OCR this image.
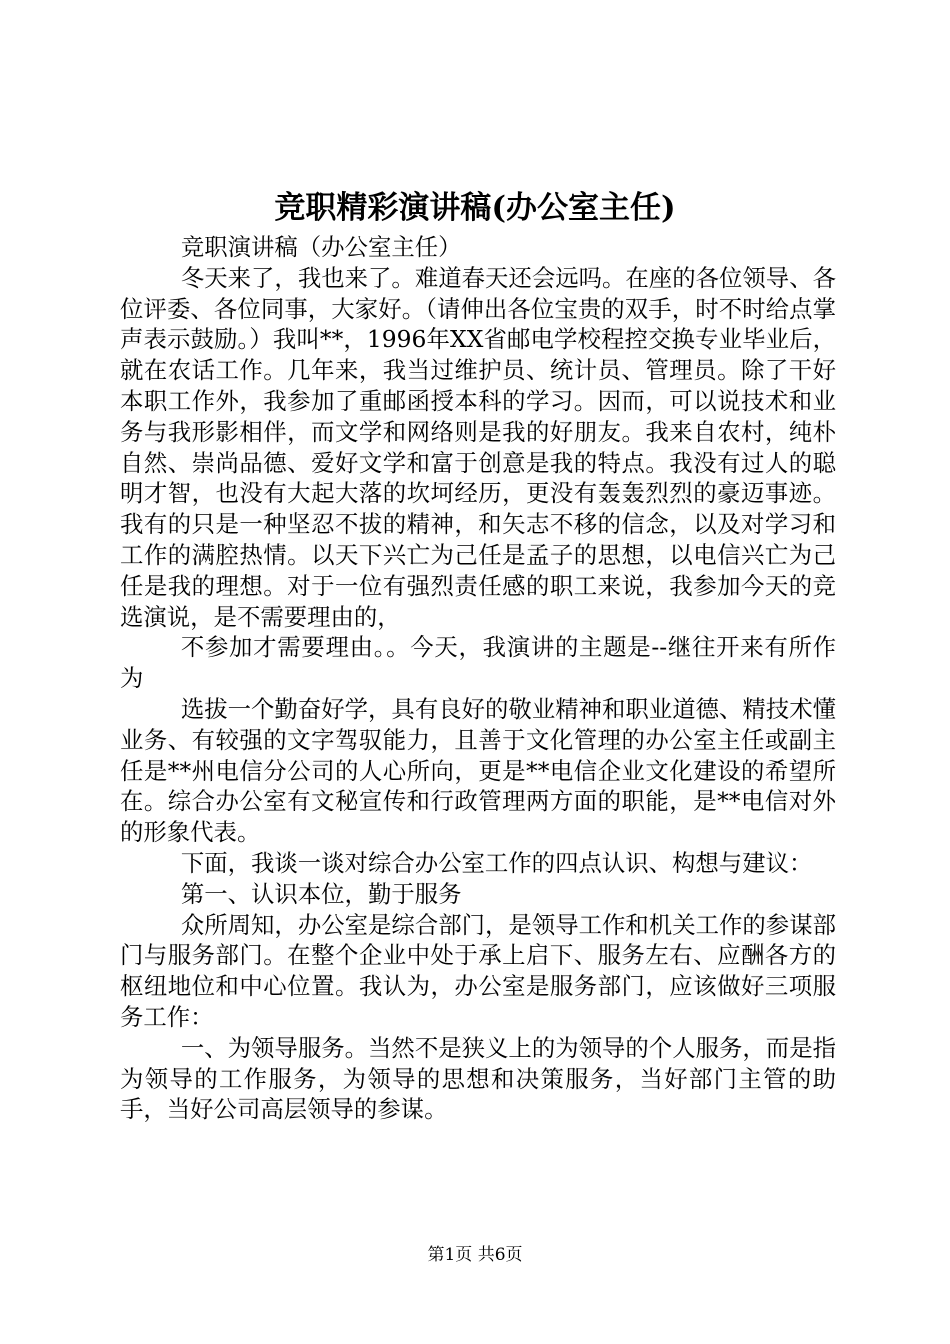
竞职精彩演讲稿(办公室主任)

竞职演讲稿（办公室主任）

冬天来了，我也来了。难道春天还会远吗。在座的各位领导、各位评委、各位同事，大家好。（请伸出各位宝贵的双手，时不时给点掌声表示鼓励。）我叫**，1996年XX省邮电学校程控交换专业毕业后，就在农话工作。几年来，我当过维护员、统计员、管理员。除了干好本职工作外，我参加了重邮函授本科的学习。因而，可以说技术和业务与我形影相伴，而文学和网络则是我的好朋友。我来自农村，纯朴自然、崇尚品德、爱好文学和富于创意是我的特点。我没有过人的聪明才智，也没有大起大落的坎坷经历，更没有轰轰烈烈的豪迈事迹。我有的只是一种坚忍不拔的精神，和矢志不移的信念，以及对学习和工作的满腔热情。以天下兴亡为己任是孟子的思想，以电信兴亡为己任是我的理想。对于一位有强烈责任感的职工来说，我参加今天的竞选演说，是不需要理由的，

不参加才需要理由。。今天，我演讲的主题是--继往开来有所作为

选拔一个勤奋好学，具有良好的敬业精神和职业道德、精技术懂业务、有较强的文字驾驭能力，且善于文化管理的办公室主任或副主任是**州电信分公司的人心所向，更是**电信企业文化建设的希望所在。综合办公室有文秘宣传和行政管理两方面的职能，是**电信对外的形象代表。

下面，我谈一谈对综合办公室工作的四点认识、构想与建议：

第一、认识本位，勤于服务

众所周知，办公室是综合部门，是领导工作和机关工作的参谋部门与服务部门。在整个企业中处于承上启下、服务左右、应酬各方的枢纽地位和中心位置。我认为，办公室是服务部门，应该做好三项服务工作：

一、为领导服务。当然不是狭义上的为领导的个人服务，而是指为领导的工作服务，为领导的思想和决策服务，当好部门主管的助手，当好公司高层领导的参谋。

第1页 共6页
